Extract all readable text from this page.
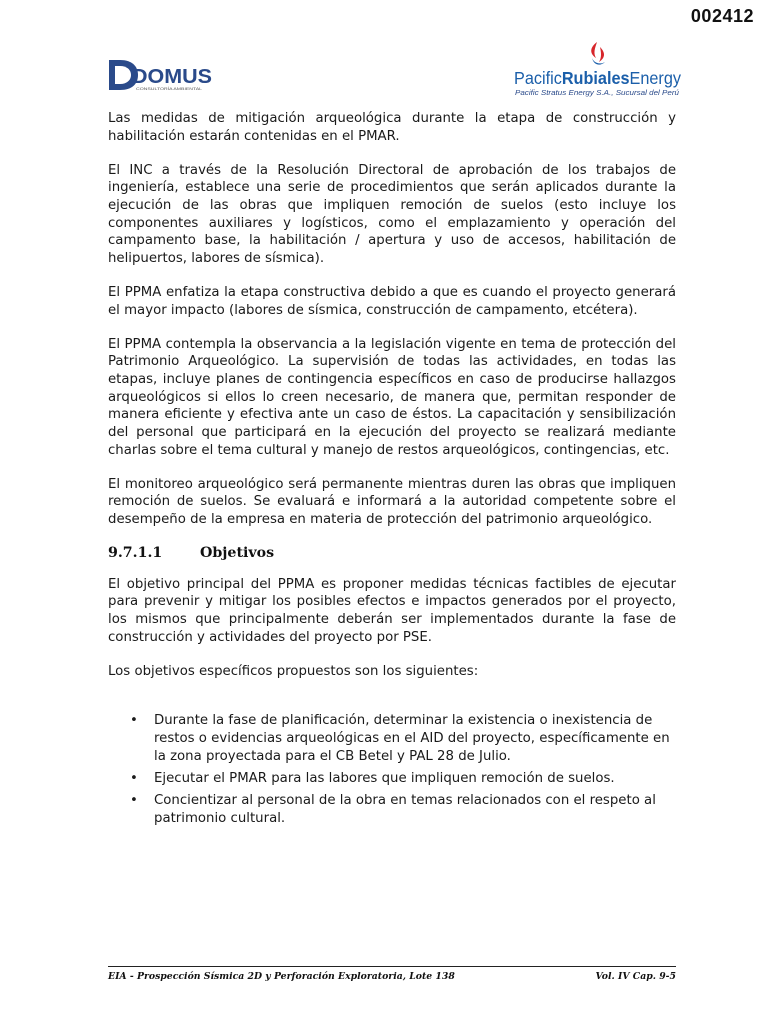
002412
DOMUS
CONSULTORÍA AMBIENTAL
PacificRubialesEnergy
Pacific Stratus Energy S.A., Sucursal del Perú

Las medidas de mitigación arqueológica durante la etapa de construcción y habilitación estarán contenidas en el PMAR.

El INC a través de la Resolución Directoral de aprobación de los trabajos de ingeniería, establece una serie de procedimientos que serán aplicados durante la ejecución de las obras que impliquen remoción de suelos (esto incluye los componentes auxiliares y logísticos, como el emplazamiento y operación del campamento base, la habilitación / apertura y uso de accesos, habilitación de helipuertos, labores de sísmica).

El PPMA enfatiza la etapa constructiva debido a que es cuando el proyecto generará el mayor impacto (labores de sísmica, construcción de campamento, etcétera).

El PPMA contempla la observancia a la legislación vigente en tema de protección del Patrimonio Arqueológico. La supervisión de todas las actividades, en todas las etapas, incluye planes de contingencia específicos en caso de producirse hallazgos arqueológicos si ellos lo creen necesario, de manera que, permitan responder de manera eficiente y efectiva ante un caso de éstos. La capacitación y sensibilización del personal que participará en la ejecución del proyecto se realizará mediante charlas sobre el tema cultural y manejo de restos arqueológicos, contingencias, etc.

El monitoreo arqueológico será permanente mientras duren las obras que impliquen remoción de suelos. Se evaluará e informará a la autoridad competente sobre el desempeño de la empresa en materia de protección del patrimonio arqueológico.

9.7.1.1	Objetivos

El objetivo principal del PPMA es proponer medidas técnicas factibles de ejecutar para prevenir y mitigar los posibles efectos e impactos generados por el proyecto, los mismos que principalmente deberán ser implementados durante la fase de construcción y actividades del proyecto por PSE.

Los objetivos específicos propuestos son los siguientes:

• Durante la fase de planificación, determinar la existencia o inexistencia de restos o evidencias arqueológicas en el AID del proyecto, específicamente en la zona proyectada para el CB Betel y PAL 28 de Julio.
• Ejecutar el PMAR para las labores que impliquen remoción de suelos.
• Concientizar al personal de la obra en temas relacionados con el respeto al patrimonio cultural.
EIA - Prospección Sísmica 2D y Perforación Exploratoria, Lote 138	Vol. IV Cap. 9-5
